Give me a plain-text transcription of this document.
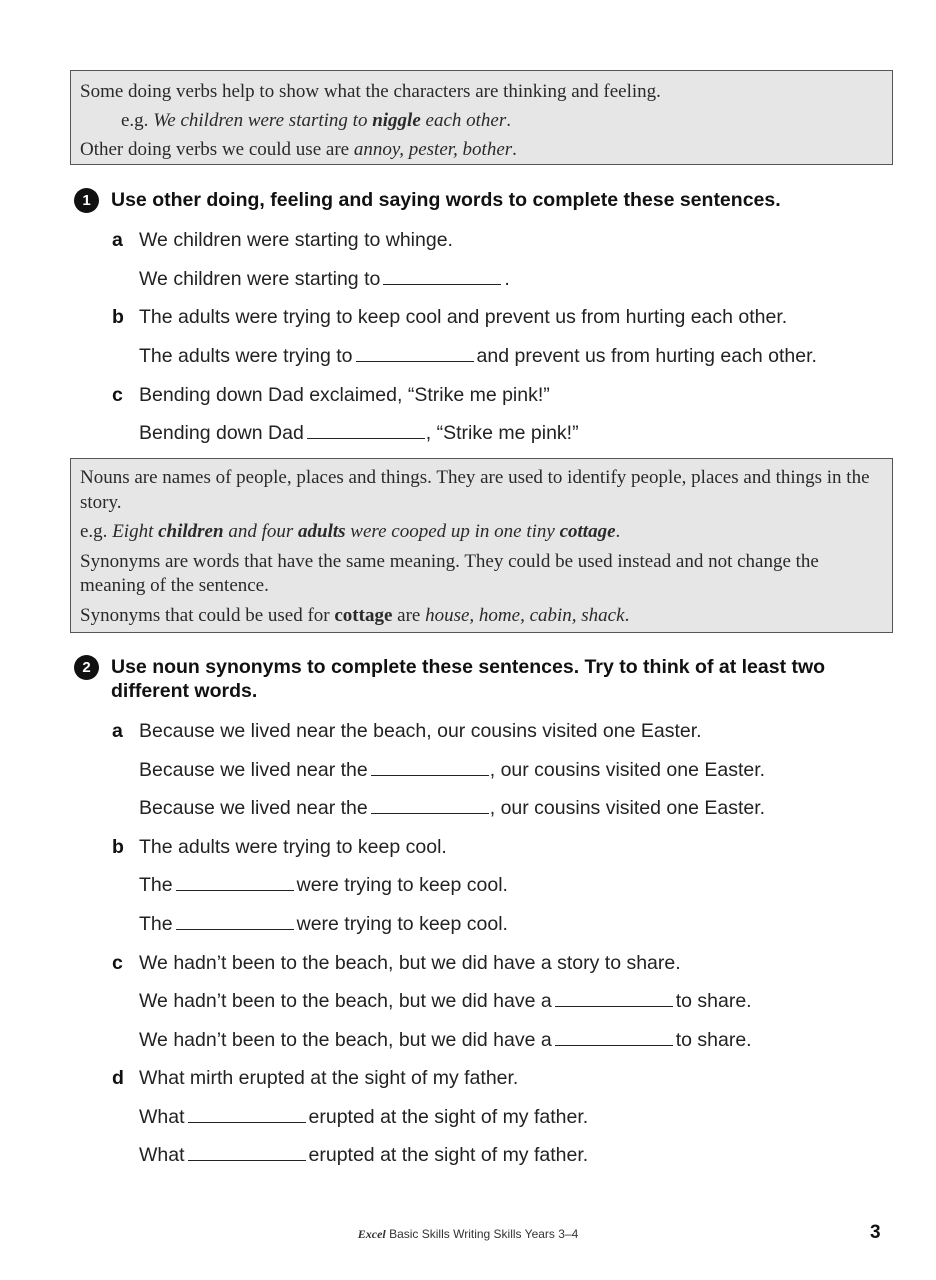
Some doing verbs help to show what the characters are thinking and feeling.
e.g. We children were starting to niggle each other.
Other doing verbs we could use are annoy, pester, bother.
1	Use other doing, feeling and saying words to complete these sentences.
a We children were starting to whinge.
We children were starting to	.
b The adults were trying to keep cool and prevent us from hurting each other.
The adults were trying to	and prevent us from hurting each other.
c Bending down Dad exclaimed, “Strike me pink!”
Bending down Dad	, “Strike me pink!”
Nouns are names of people, places and things. They are used to identify people, places and things in the story.
e.g. Eight children and four adults were cooped up in one tiny cottage.
Synonyms are words that have the same meaning. They could be used instead and not change the meaning of the sentence.
Synonyms that could be used for cottage are house, home, cabin, shack.
2	Use noun synonyms to complete these sentences. Try to think of at least two different words.
a Because we lived near the beach, our cousins visited one Easter.
Because we lived near the	, our cousins visited one Easter.
Because we lived near the	, our cousins visited one Easter.
b The adults were trying to keep cool.
The	were trying to keep cool.
The	were trying to keep cool.
c We hadn’t been to the beach, but we did have a story to share.
We hadn’t been to the beach, but we did have a	to share.
We hadn’t been to the beach, but we did have a	to share.
d What mirth erupted at the sight of my father.
What	erupted at the sight of my father.
What	erupted at the sight of my father.
Excel Basic Skills Writing Skills Years 3–4	3
